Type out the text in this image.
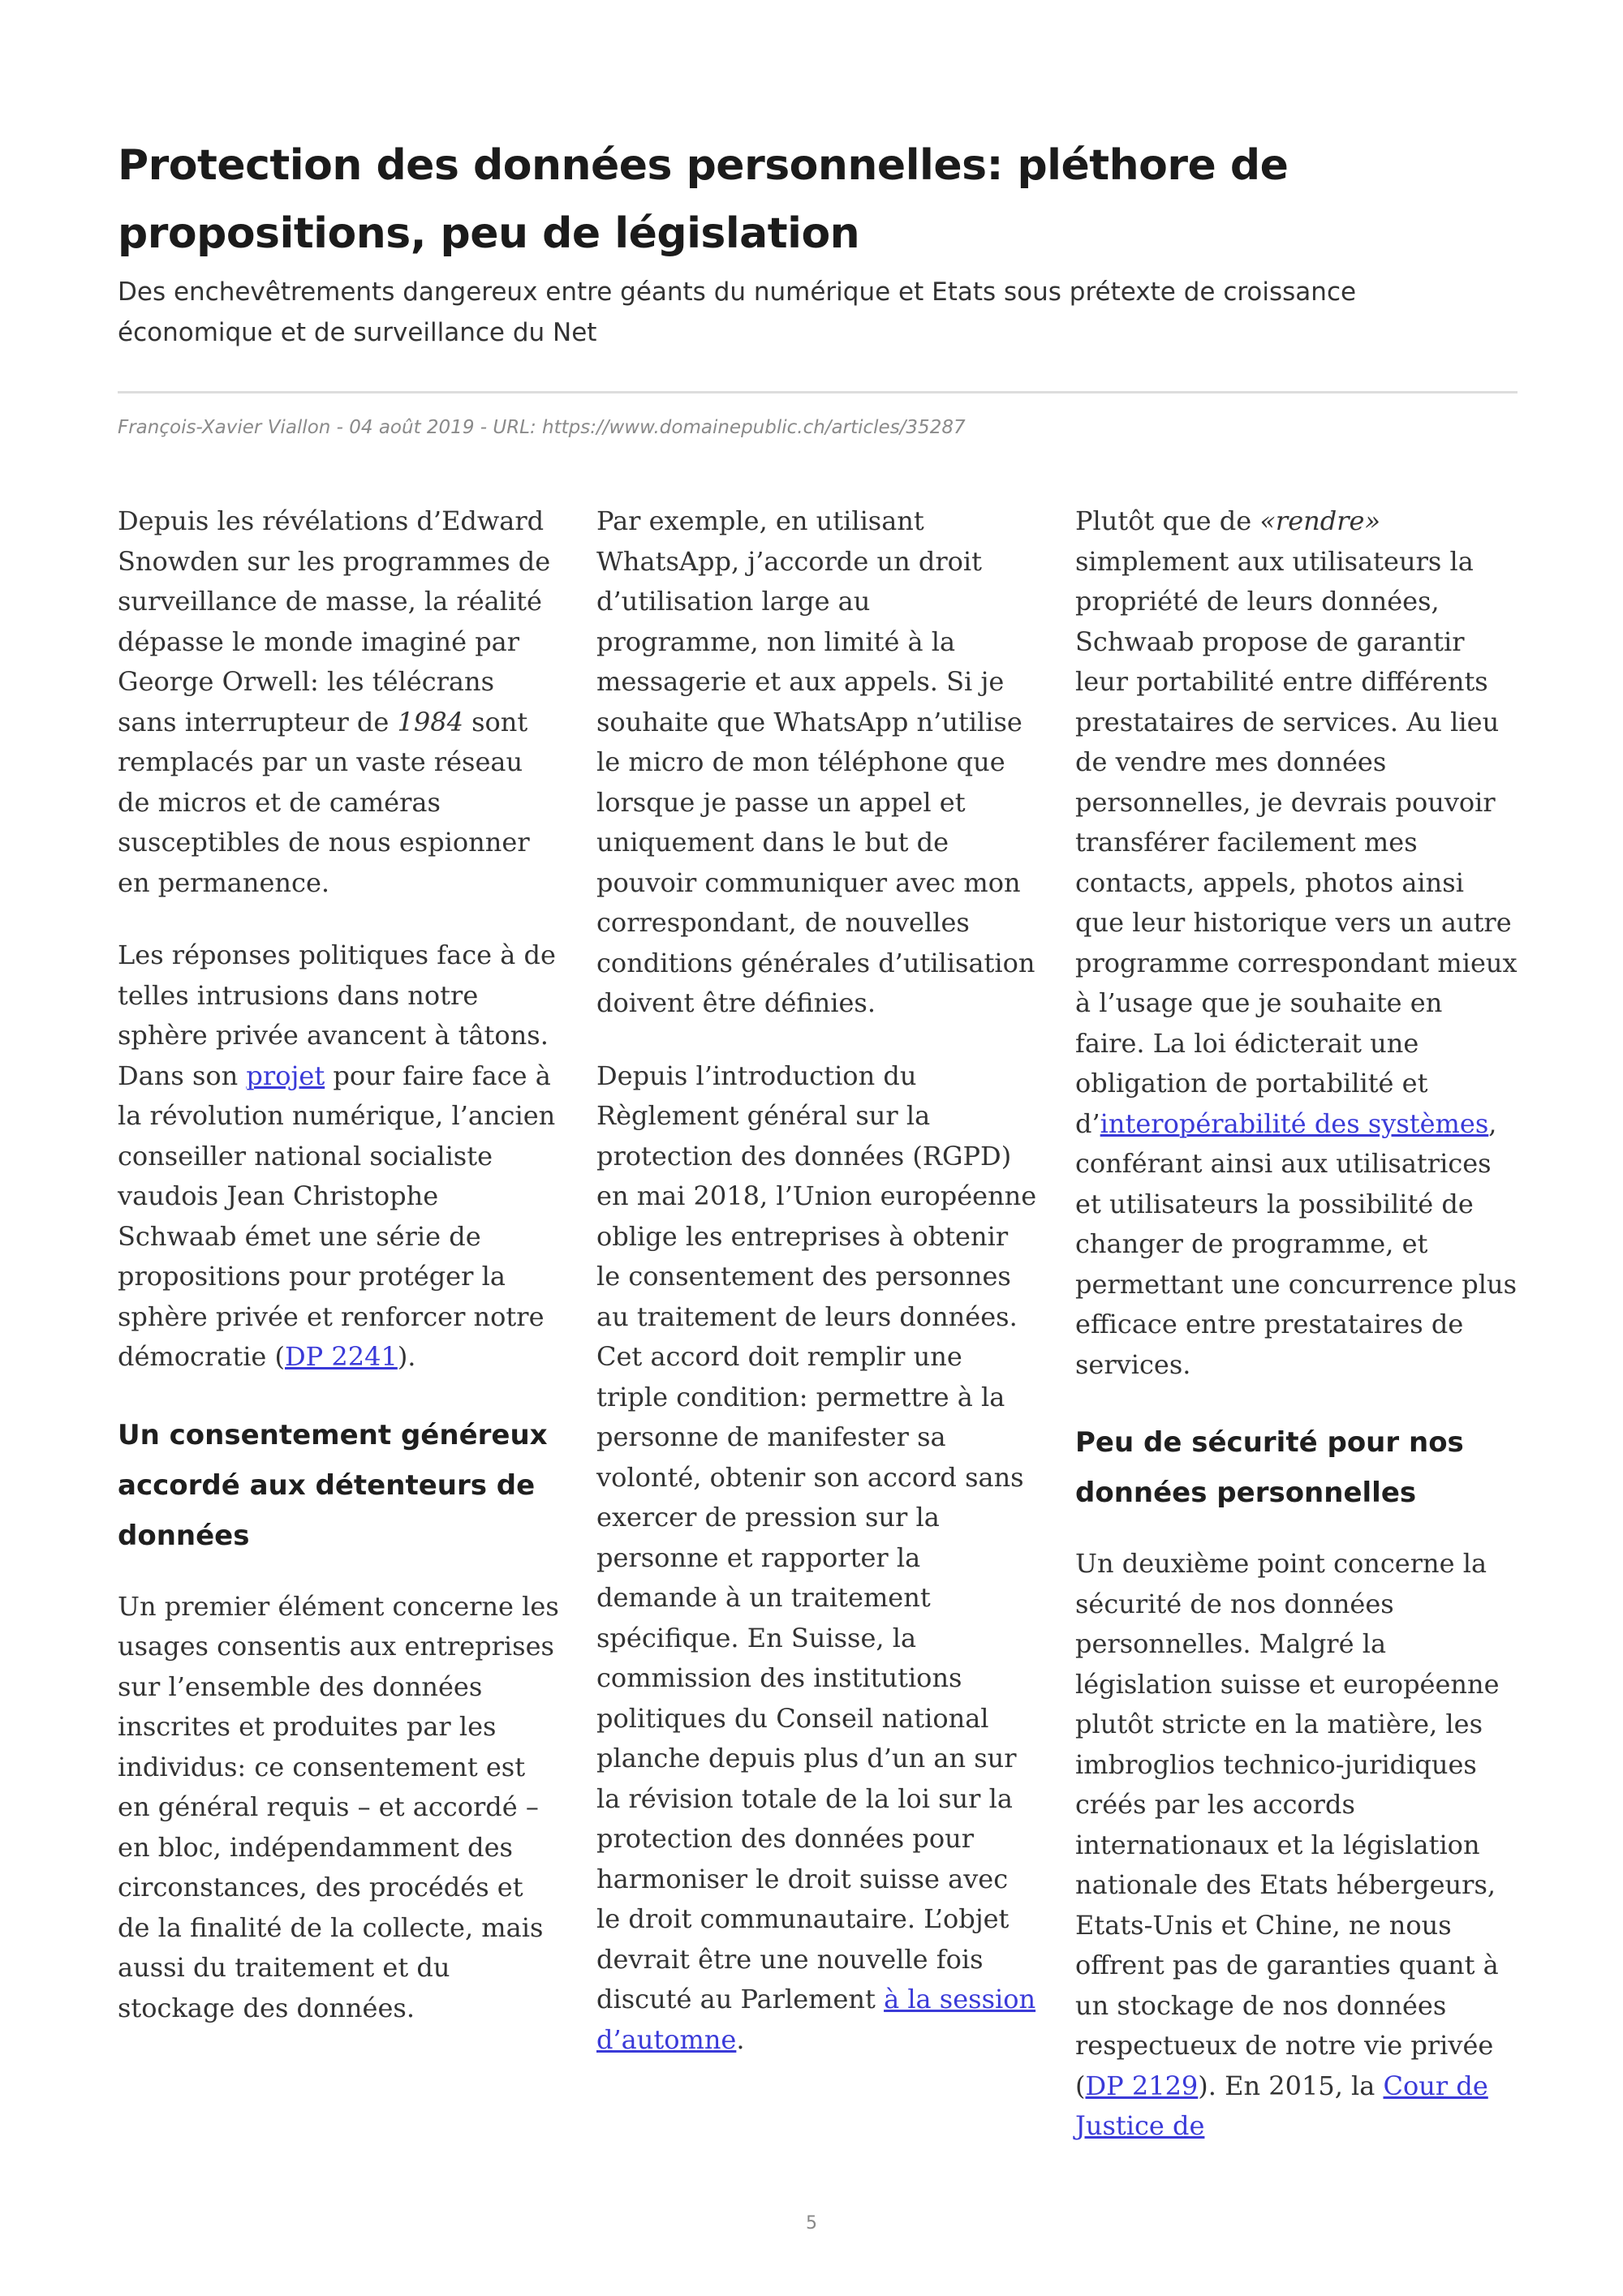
Protection des données personnelles: pléthore de propositions, peu de législation

Des enchevêtrements dangereux entre géants du numérique et Etats sous prétexte de croissance économique et de surveillance du Net

François-Xavier Viallon - 04 août 2019 - URL: https://www.domainepublic.ch/articles/35287

Depuis les révélations d’Edward Snowden sur les programmes de surveillance de masse, la réalité dépasse le monde imaginé par George Orwell: les télécrans sans interrupteur de 1984 sont remplacés par un vaste réseau de micros et de caméras susceptibles de nous espionner en permanence.

Les réponses politiques face à de telles intrusions dans notre sphère privée avancent à tâtons. Dans son projet pour faire face à la révolution numérique, l’ancien conseiller national socialiste vaudois Jean Christophe Schwaab émet une série de propositions pour protéger la sphère privée et renforcer notre démocratie (DP 2241).

Un consentement généreux accordé aux détenteurs de données

Un premier élément concerne les usages consentis aux entreprises sur l’ensemble des données inscrites et produites par les individus: ce consentement est en général requis – et accordé – en bloc, indépendamment des circonstances, des procédés et de la finalité de la collecte, mais aussi du traitement et du stockage des données.

Par exemple, en utilisant WhatsApp, j’accorde un droit d’utilisation large au programme, non limité à la messagerie et aux appels. Si je souhaite que WhatsApp n’utilise le micro de mon téléphone que lorsque je passe un appel et uniquement dans le but de pouvoir communiquer avec mon correspondant, de nouvelles conditions générales d’utilisation doivent être définies.

Depuis l’introduction du Règlement général sur la protection des données (RGPD) en mai 2018, l’Union européenne oblige les entreprises à obtenir le consentement des personnes au traitement de leurs données. Cet accord doit remplir une triple condition: permettre à la personne de manifester sa volonté, obtenir son accord sans exercer de pression sur la personne et rapporter la demande à un traitement spécifique. En Suisse, la commission des institutions politiques du Conseil national planche depuis plus d’un an sur la révision totale de la loi sur la protection des données pour harmoniser le droit suisse avec le droit communautaire. L’objet devrait être une nouvelle fois discuté au Parlement à la session d’automne.

Plutôt que de «rendre» simplement aux utilisateurs la propriété de leurs données, Schwaab propose de garantir leur portabilité entre différents prestataires de services. Au lieu de vendre mes données personnelles, je devrais pouvoir transférer facilement mes contacts, appels, photos ainsi que leur historique vers un autre programme correspondant mieux à l’usage que je souhaite en faire. La loi édicterait une obligation de portabilité et d’interopérabilité des systèmes, conférant ainsi aux utilisatrices et utilisateurs la possibilité de changer de programme, et permettant une concurrence plus efficace entre prestataires de services.

Peu de sécurité pour nos données personnelles

Un deuxième point concerne la sécurité de nos données personnelles. Malgré la législation suisse et européenne plutôt stricte en la matière, les imbroglios technico-juridiques créés par les accords internationaux et la législation nationale des Etats hébergeurs, Etats-Unis et Chine, ne nous offrent pas de garanties quant à un stockage de nos données respectueux de notre vie privée (DP 2129). En 2015, la Cour de Justice de

5
